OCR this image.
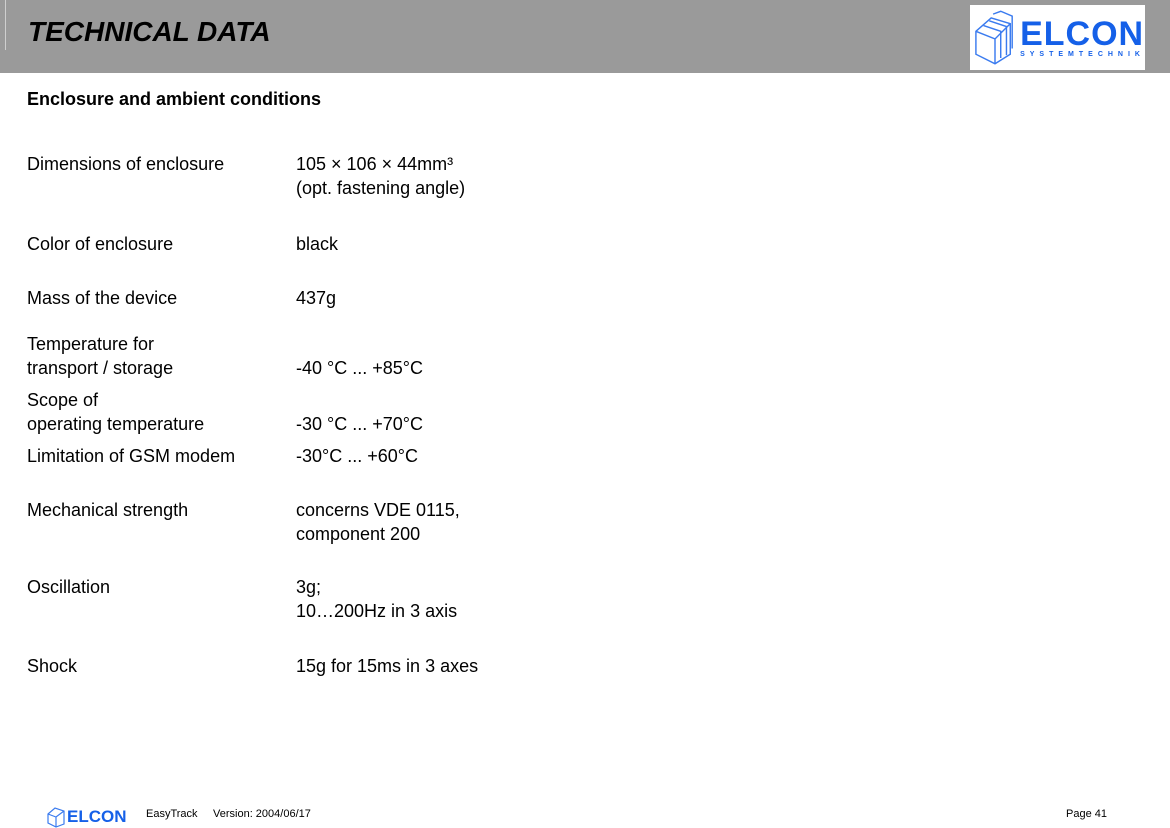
TECHNICAL DATA	ELCON
SYSTEMTECHNIK
Enclosure and ambient conditions
Dimensions of enclosure	105 × 106 × 44mm³
(opt. fastening angle)
Color of enclosure	black
Mass of the device	437g
Temperature for
transport / storage
	-40 °C ... +85°C
Scope of
operating temperature
	-30 °C ... +70°C
Limitation of GSM modem	-30°C ... +60°C
Mechanical strength	concerns VDE 0115,
component 200
Oscillation	3g;
10…200Hz in 3 axis
Shock	15g for 15ms in 3 axes
ELCON EasyTrack Version: 2004/06/17	Page 41
